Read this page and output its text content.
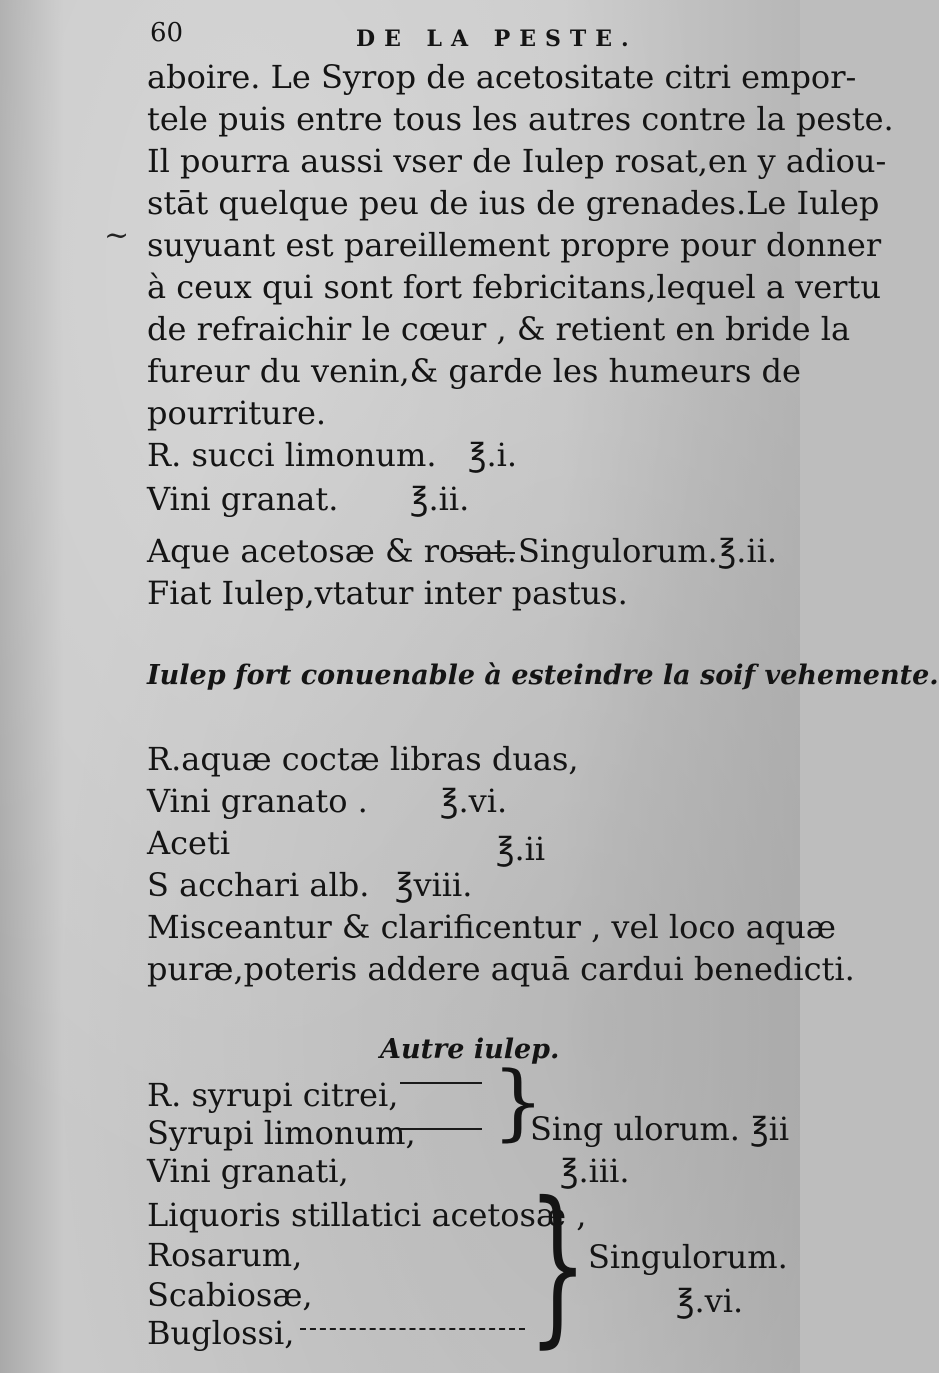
60	DE LA PESTE.
~
aboire. Le Syrop de acetositate citri empor-
tele puis entre tous les autres contre la peste.
Il pourra aussi vser de Iulep rosat,en y adiou-
stāt quelque peu de ius de grenades.Le Iulep
suyuant est pareillement propre pour donner
à ceux qui sont fort febricitans,lequel a vertu
de refraichir le cœur , & retient en bride la
fureur du venin,& garde les humeurs de
pourriture.
R. succi limonum. ℥.i.
Vini granat. ℥.ii.
Aque acetosæ & rosat. Singulorum.℥.ii.
Fiat Iulep,vtatur inter pastus.
Iulep fort conuenable à esteindre la soif vehemente.
R.aquæ coctæ libras duas,
Vini granato . ℥.vi.
Aceti	℥.ii
S acchari alb. ℥viii.
Misceantur & clarificentur , vel loco aquæ
puræ,poteris addere aquā cardui benedicti.
Autre iulep.
R. syrupi citrei,
Syrupi limonum, }
Sing ulorum. ℥ii
Vini granati,	℥.iii.
Liquoris stillatici acetosæ ,
Rosarum,
Scabiosæ,
Buglossi, } Singulorum.
℥.vi.
